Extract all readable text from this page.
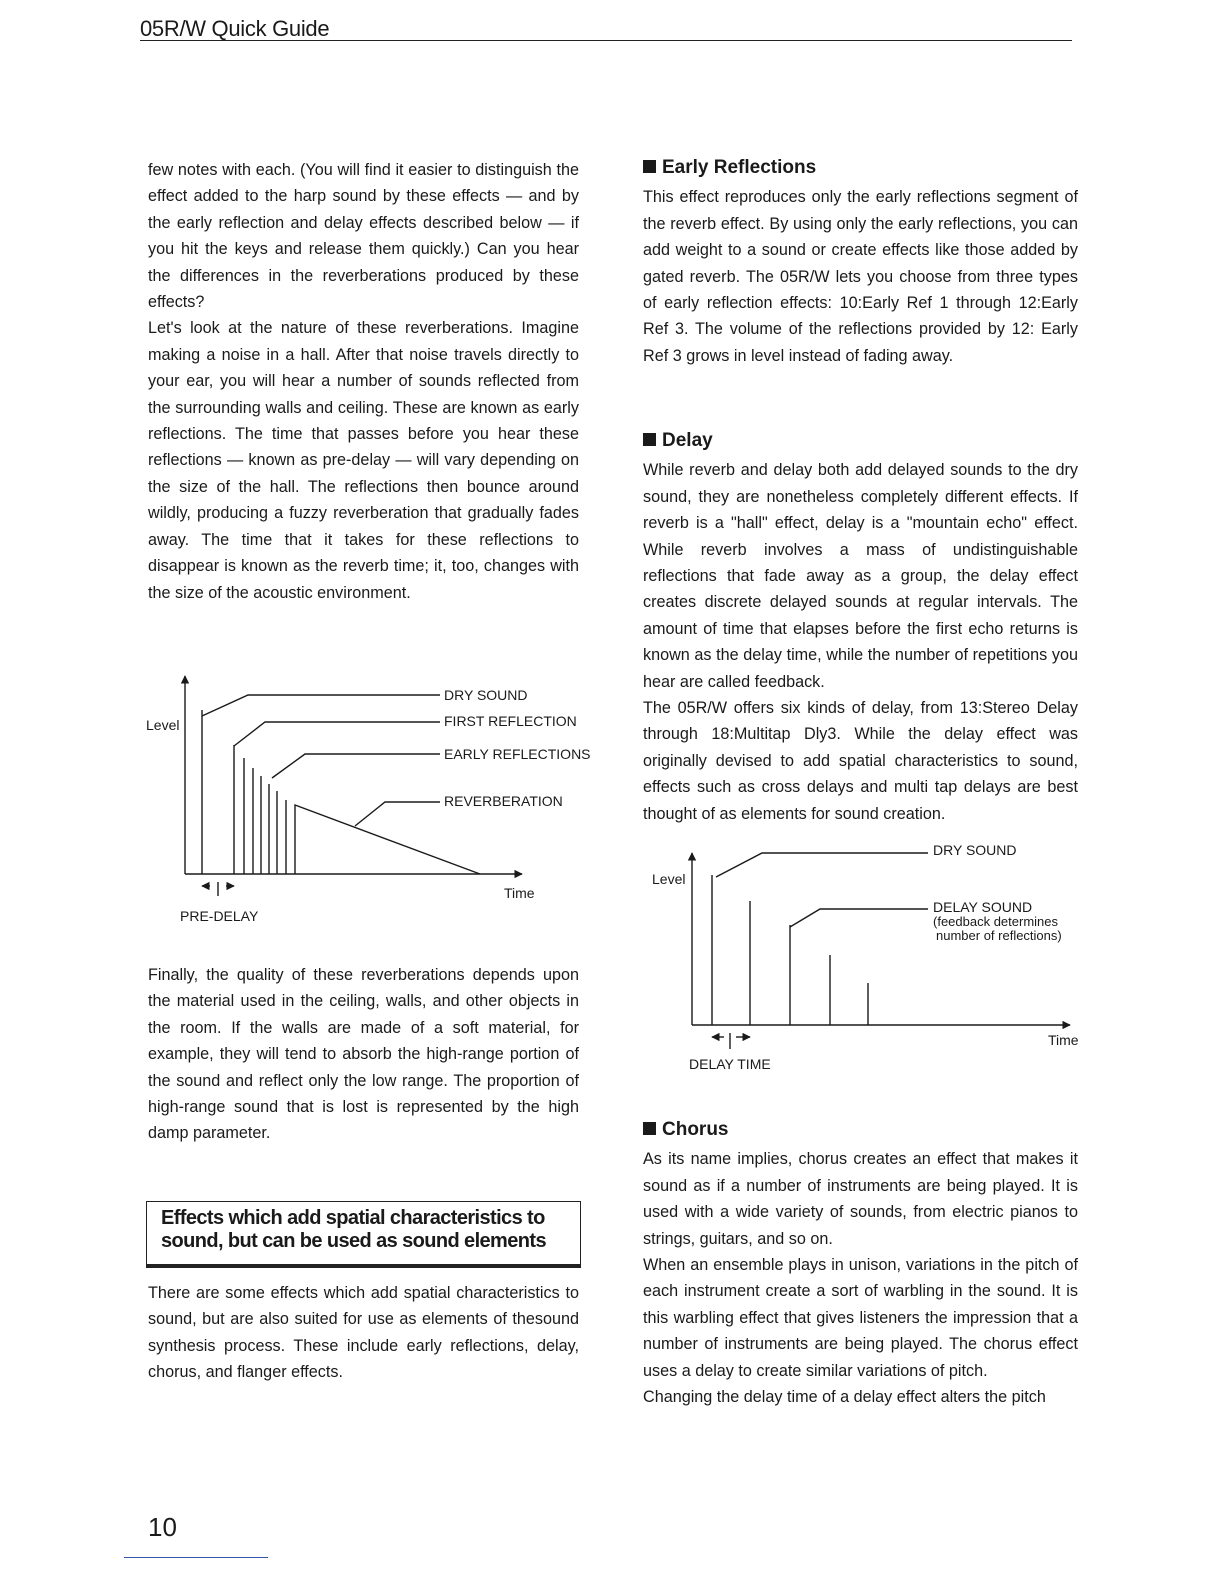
05R/W Quick Guide

few notes with each. (You will find it easier to distinguish the effect added to the harp sound by these effects — and by the early reflection and delay effects described below — if you hit the keys and release them quickly.) Can you hear the differences in the reverberations produced by these effects?

Let's look at the nature of these reverberations. Imagine making a noise in a hall. After that noise travels directly to your ear, you will hear a number of sounds reflected from the surrounding walls and ceiling. These are known as early reflections. The time that passes before you hear these reflections — known as pre-delay — will vary depending on the size of the hall. The reflections then bounce around wildly, producing a fuzzy reverberation that gradually fades away. The time that it takes for these reflections to disappear is known as the reverb time; it, too, changes with the size of the acoustic environment.

Level
Time
DRY SOUND
FIRST REFLECTION
EARLY REFLECTIONS
REVERBERATION
PRE-DELAY

Finally, the quality of these reverberations depends upon the material used in the ceiling, walls, and other objects in the room. If the walls are made of a soft material, for example, they will tend to absorb the high-range portion of the sound and reflect only the low range. The proportion of high-range sound that is lost is represented by the high damp parameter.

Effects which add spatial characteristics to
sound, but can be used as sound elements

There are some effects which add spatial characteristics to sound, but are also suited for use as elements of thesound synthesis process. These include early reflections, delay, chorus, and flanger effects.

Early Reflections

This effect reproduces only the early reflections segment of the reverb effect. By using only the early reflections, you can add weight to a sound or create effects like those added by gated reverb. The 05R/W lets you choose from three types of early reflection effects: 10:Early Ref 1 through 12:Early Ref 3. The volume of the reflections provided by 12: Early Ref 3 grows in level instead of fading away.

Delay

While reverb and delay both add delayed sounds to the dry sound, they are nonetheless completely different effects. If reverb is a "hall" effect, delay is a "mountain echo" effect. While reverb involves a mass of undistinguishable reflections that fade away as a group, the delay effect creates discrete delayed sounds at regular intervals. The amount of time that elapses before the first echo returns is known as the delay time, while the number of repetitions you hear are called feedback.

The 05R/W offers six kinds of delay, from 13:Stereo Delay through 18:Multitap Dly3. While the delay effect was originally devised to add spatial characteristics to sound, effects such as cross delays and multi tap delays are best thought of as elements for sound creation.

Level
Time
DRY SOUND
DELAY SOUND
(feedback determines
number of reflections)
DELAY TIME
Chorus

As its name implies, chorus creates an effect that makes it sound as if a number of instruments are being played. It is used with a wide variety of sounds, from electric pianos to strings, guitars, and so on.

When an ensemble plays in unison, variations in the pitch of each instrument create a sort of warbling in the sound. It is this warbling effect that gives listeners the impression that a number of instruments are being played. The chorus effect uses a delay to create similar variations of pitch.

Changing the delay time of a delay effect alters the pitch

10
